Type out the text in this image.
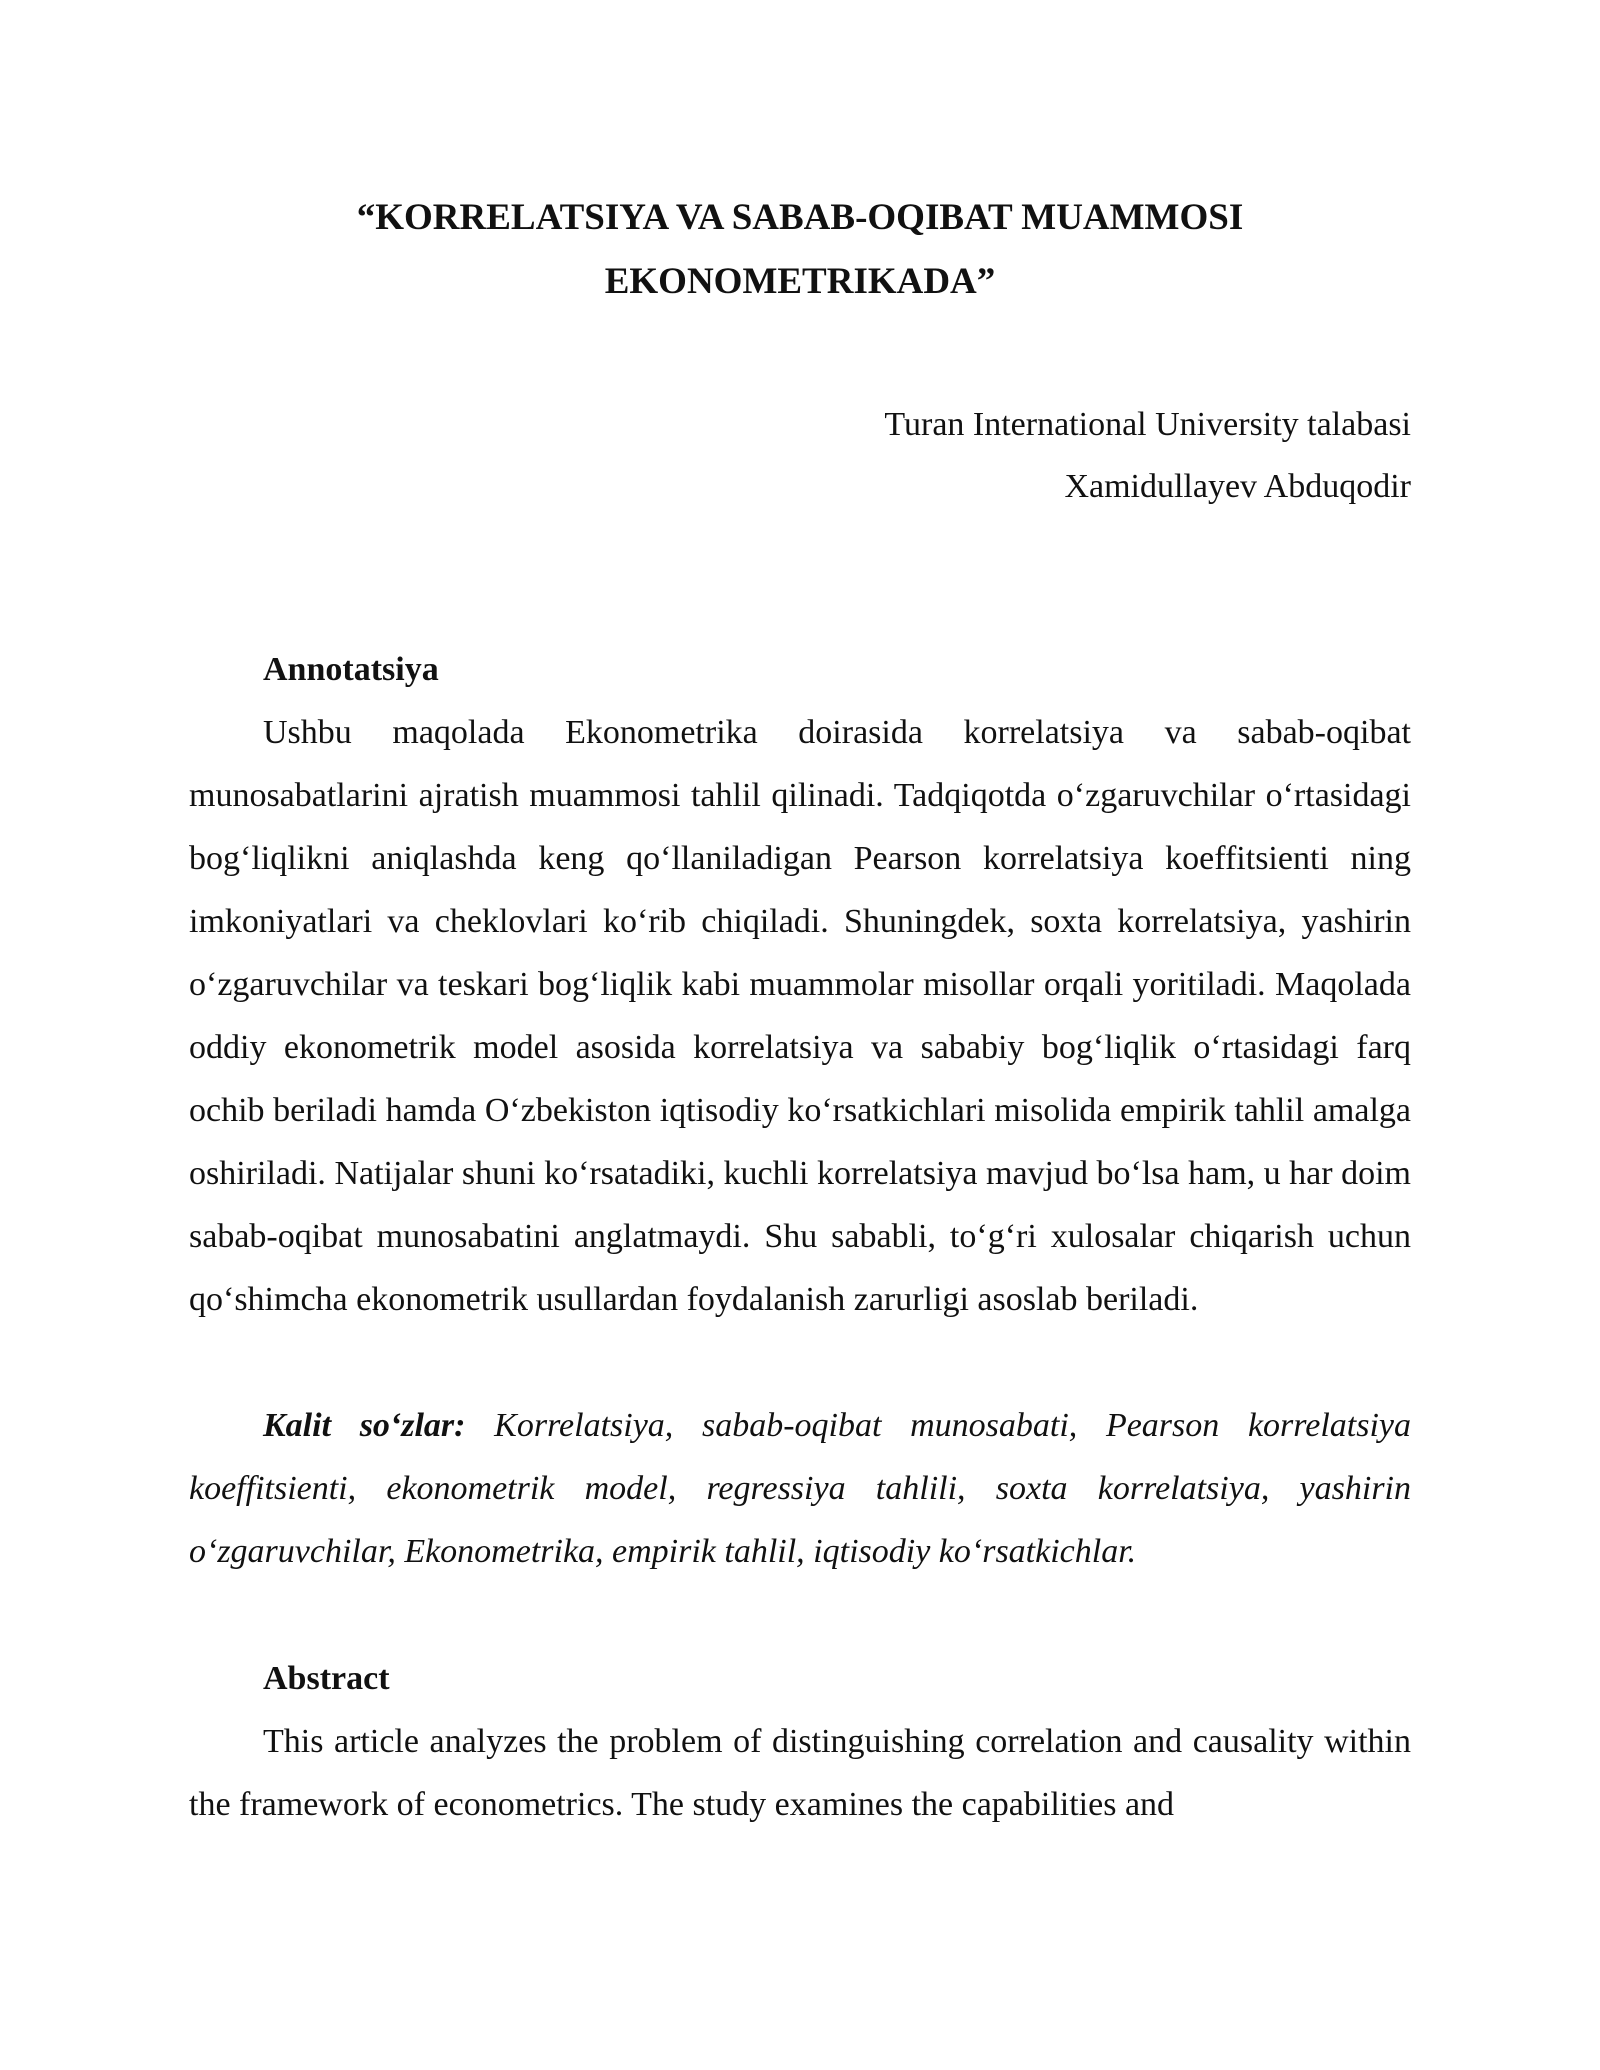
“KORRELATSIYA VA SABAB-OQIBAT MUAMMOSI
EKONOMETRIKADA”
Turan International University talabasi
Xamidullayev Abduqodir
Annotatsiya

Ushbu maqolada Ekonometrika doirasida korrelatsiya va sabab-oqibat munosabatlarini ajratish muammosi tahlil qilinadi. Tadqiqotda o‘zgaruvchilar o‘rtasidagi bog‘liqlikni aniqlashda keng qo‘llaniladigan Pearson korrelatsiya koeffitsienti ning imkoniyatlari va cheklovlari ko‘rib chiqiladi. Shuningdek, soxta korrelatsiya, yashirin o‘zgaruvchilar va teskari bog‘liqlik kabi muammolar misollar orqali yoritiladi. Maqolada oddiy ekonometrik model asosida korrelatsiya va sababiy bog‘liqlik o‘rtasidagi farq ochib beriladi hamda O‘zbekiston iqtisodiy ko‘rsatkichlari misolida empirik tahlil amalga oshiriladi. Natijalar shuni ko‘rsatadiki, kuchli korrelatsiya mavjud bo‘lsa ham, u har doim sabab-oqibat munosabatini anglatmaydi. Shu sababli, to‘g‘ri xulosalar chiqarish uchun qo‘shimcha ekonometrik usullardan foydalanish zarurligi asoslab beriladi.

Kalit so‘zlar: Korrelatsiya, sabab-oqibat munosabati, Pearson korrelatsiya koeffitsienti, ekonometrik model, regressiya tahlili, soxta korrelatsiya, yashirin o‘zgaruvchilar, Ekonometrika, empirik tahlil, iqtisodiy ko‘rsatkichlar.

Abstract

This article analyzes the problem of distinguishing correlation and causality within the framework of econometrics. The study examines the capabilities and
